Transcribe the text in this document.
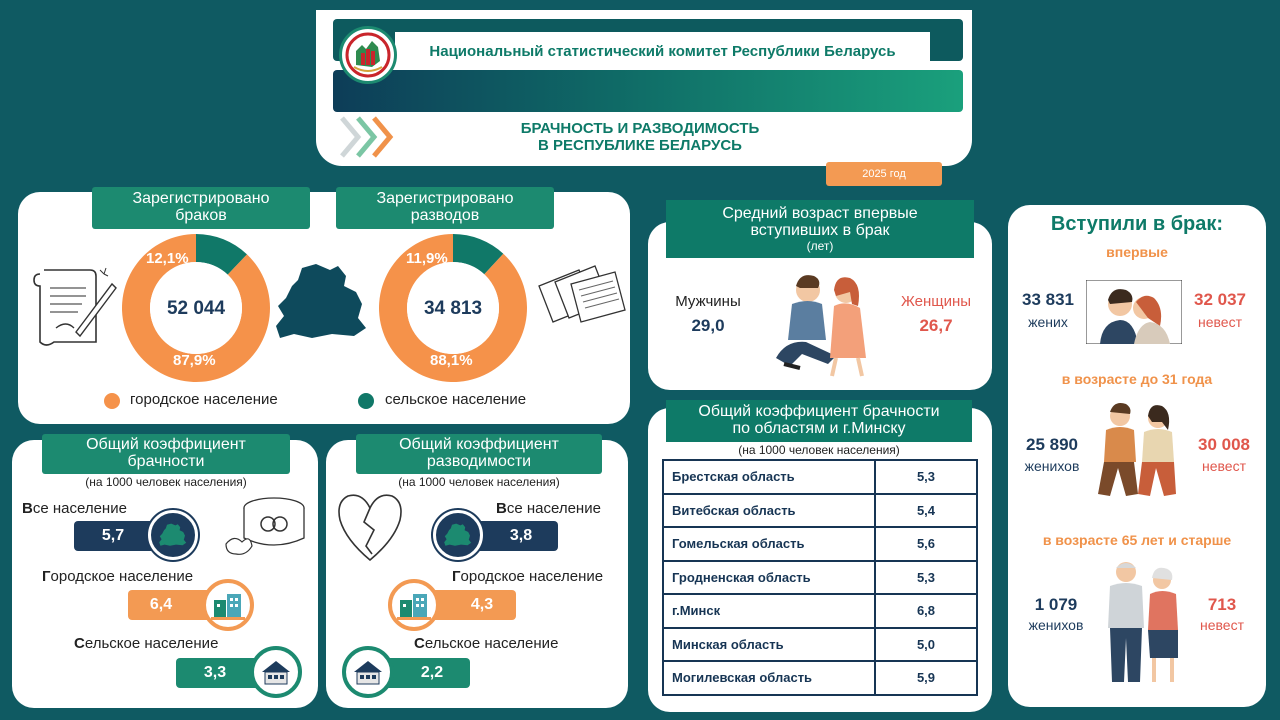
Национальный статистический комитет Республики Беларусь
БРАЧНОСТЬ И РАЗВОДИМОСТЬ
В РЕСПУБЛИКЕ БЕЛАРУСЬ
2025 год
Зарегистрировано
браков
Зарегистрировано
разводов
52 044
12,1%
87,9%
34 813
11,9%
88,1%
городское население	сельское население
Общий коэффициент
брачности
(на 1000 человек населения)
Все население
5,7
Городское население
6,4
Сельское население
3,3
Общий коэффициент
разводимости
(на 1000 человек населения)
Все население
3,8
Городское население
4,3
Сельское население
2,2
Средний возраст впервые
вступивших в брак
(лет)
Мужчины
29,0
Женщины
26,7
Общий коэффициент брачности
по областям и г.Минску
(на 1000 человек населения)
Брестская область	5,3
Витебская область	5,4
Гомельская область	5,6
Гродненская область	5,3
г.Минск	6,8
Минская область	5,0
Могилевская область	5,9
Вступили в брак:
впервые
33 831
жених
32 037
невест
в возрасте до 31 года
25 890
женихов
30 008
невест
в возрасте 65 лет и старше
1 079
женихов
713
невест
